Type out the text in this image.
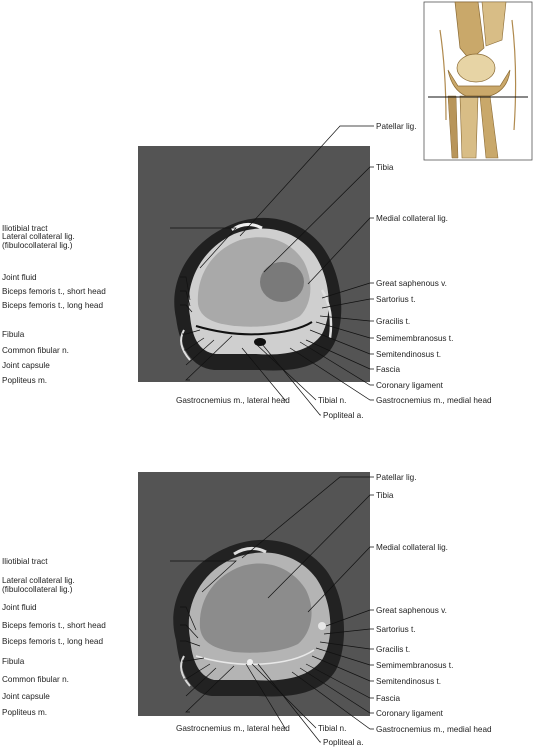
Iliotibial tract
Lateral collateral lig.
(fibulocollateral lig.)
Joint fluid
Biceps femoris t., short head
Biceps femoris t., long head
Fibula
Common fibular n.
Joint capsule
Popliteus m.
Patellar lig.
Tibia
Medial collateral lig.
Great saphenous v.
Sartorius t.
Gracilis t.
Semimembranosus t.
Semitendinosus t.
Fascia
Coronary ligament
Gastrocnemius m., medial head
Gastrocnemius m., lateral head	Tibial n.
Popliteal a.
Iliotibial tract
Lateral collateral lig.
(fibulocollateral lig.)
Joint fluid
Biceps femoris t., short head
Biceps femoris t., long head
Fibula
Common fibular n.
Joint capsule
Popliteus m.
Patellar lig.
Tibia
Medial collateral lig.
Great saphenous v.
Sartorius t.
Gracilis t.
Semimembranosus t.
Semitendinosus t.
Fascia
Coronary ligament
Gastrocnemius m., medial head
Gastrocnemius m., lateral head	Tibial n.
Popliteal a.
